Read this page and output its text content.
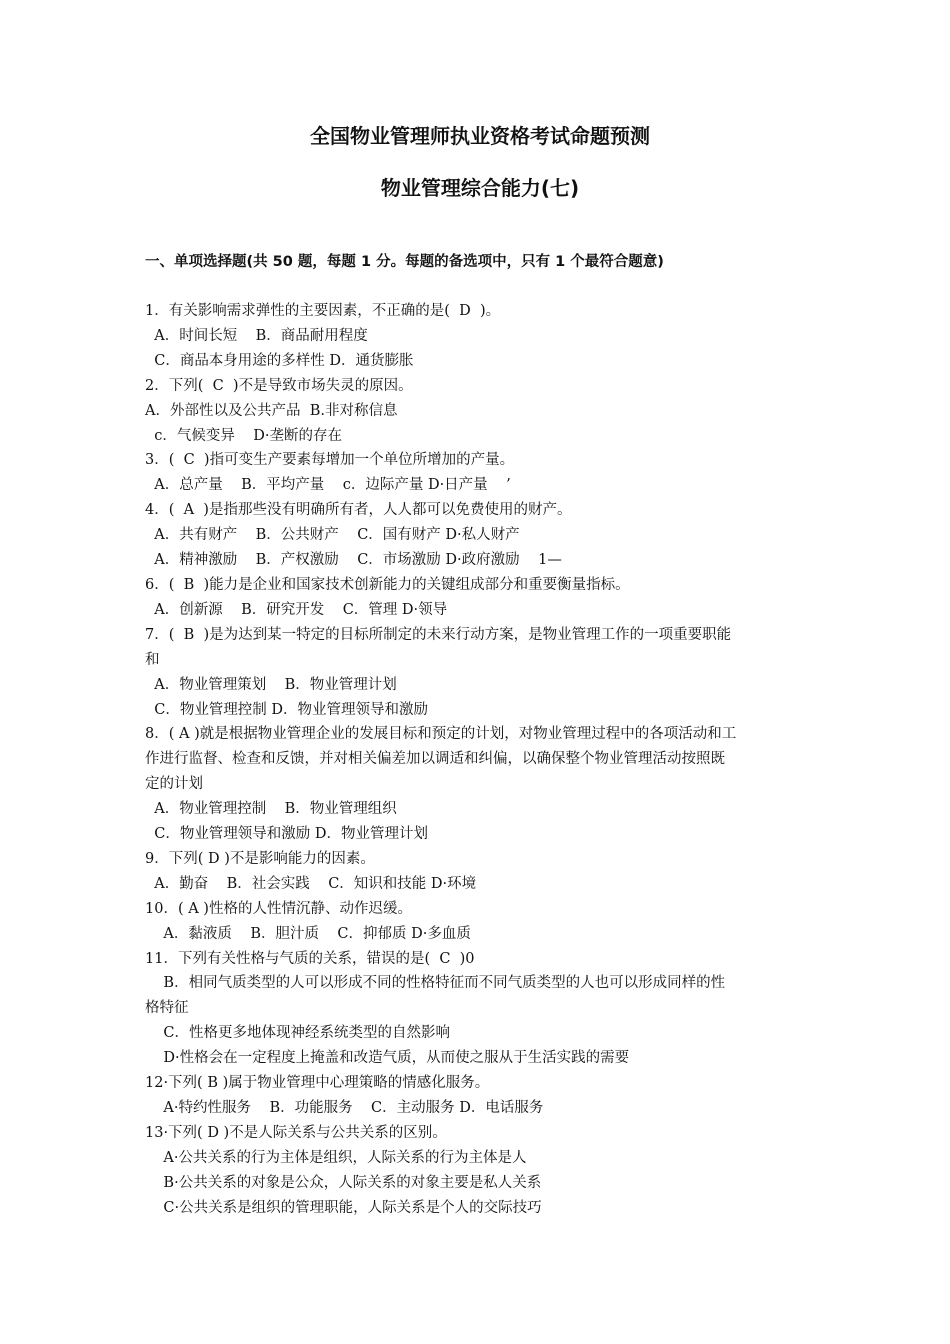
全国物业管理师执业资格考试命题预测
物业管理综合能力(七)
一、单项选择题(共 50 题，每题 1 分。每题的备选项中，只有 1 个最符合题意)
1．有关影响需求弹性的主要因素，不正确的是(  D  )。
A．时间长短    B．商品耐用程度
C．商品本身用途的多样性 D．通货膨胀
2．下列(  C  )不是导致市场失灵的原因。
A．外部性以及公共产品  B.非对称信息
c．气候变异    D·垄断的存在
3．(  C  )指可变生产要素每增加一个单位所增加的产量。
A．总产量    B．平均产量    c．边际产量 D·日产量    ’
4．(  A  )是指那些没有明确所有者，人人都可以免费使用的财产。
A．共有财产    B．公共财产    C．国有财产 D·私人财产
A．精神激励    B．产权激励    C．市场激励 D·政府激励    1—
6．(  B  )能力是企业和国家技术创新能力的关键组成部分和重要衡量指标。
A．创新源    B．研究开发    C．管理 D·领导
7．(  B  )是为达到某一特定的目标所制定的未来行动方案，是物业管理工作的一项重要职能
和
A．物业管理策划    B．物业管理计划
C．物业管理控制 D．物业管理领导和激励
8．( A )就是根据物业管理企业的发展目标和预定的计划，对物业管理过程中的各项活动和工
作进行监督、检查和反馈，并对相关偏差加以调适和纠偏，以确保整个物业管理活动按照既
定的计划
A．物业管理控制    B．物业管理组织
C．物业管理领导和激励 D．物业管理计划
9．下列( D )不是影响能力的因素。
A．勤奋    B．社会实践    C．知识和技能 D·环境
10．( A )性格的人性情沉静、动作迟缓。
A．黏液质    B．胆汁质    C．抑郁质 D·多血质
11．下列有关性格与气质的关系，错误的是(  C  )0
B．相同气质类型的人可以形成不同的性格特征而不同气质类型的人也可以形成同样的性
格特征
C．性格更多地体现神经系统类型的自然影响
D·性格会在一定程度上掩盖和改造气质，从而使之服从于生活实践的需要
12·下列( B )属于物业管理中心理策略的情感化服务。
A·特约性服务    B．功能服务    C．主动服务 D．电话服务
13·下列( D )不是人际关系与公共关系的区别。
A·公共关系的行为主体是组织，人际关系的行为主体是人
B·公共关系的对象是公众，人际关系的对象主要是私人关系
C·公共关系是组织的管理职能，人际关系是个人的交际技巧
